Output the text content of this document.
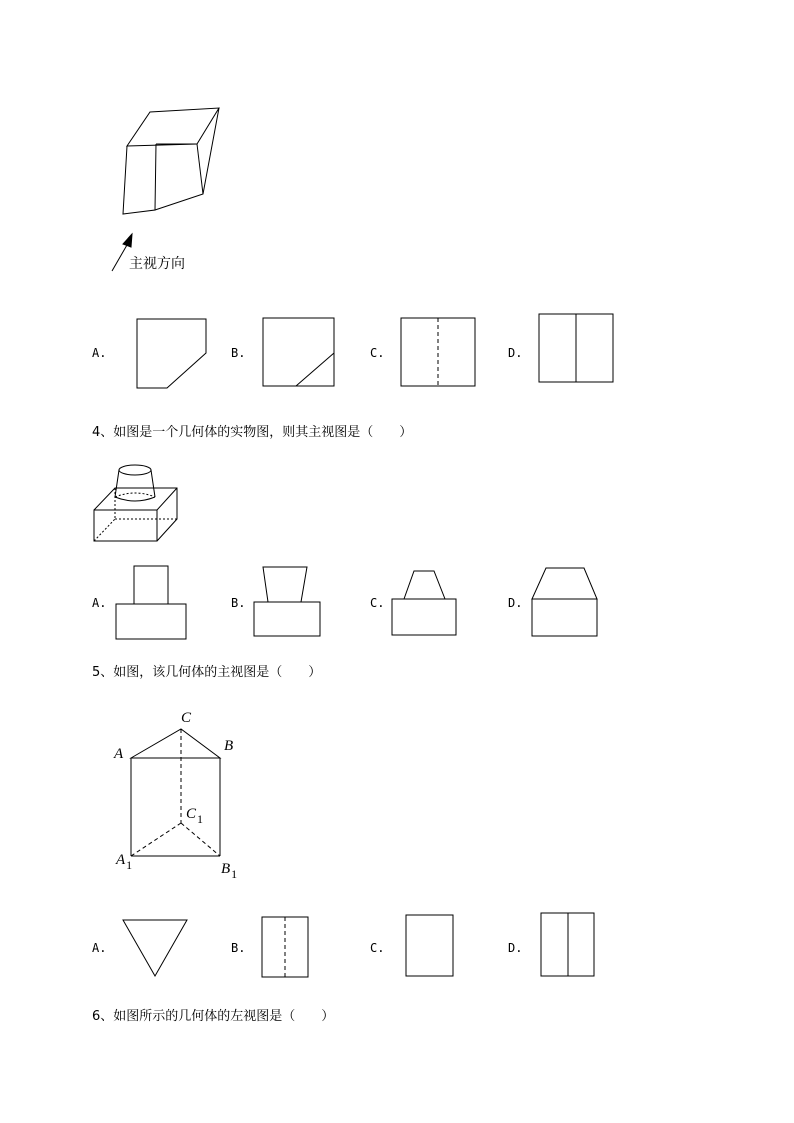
主视方向
A.	B.	C.	D.
4、如图是一个几何体的实物图，则其主视图是（　　）
A.	B.	C.	D.
5、如图，该几何体的主视图是（　　）
C
A	B
$C_1$
$A_1$	$B_1$
A.	B.	C.	D.
6、如图所示的几何体的左视图是（　　）
